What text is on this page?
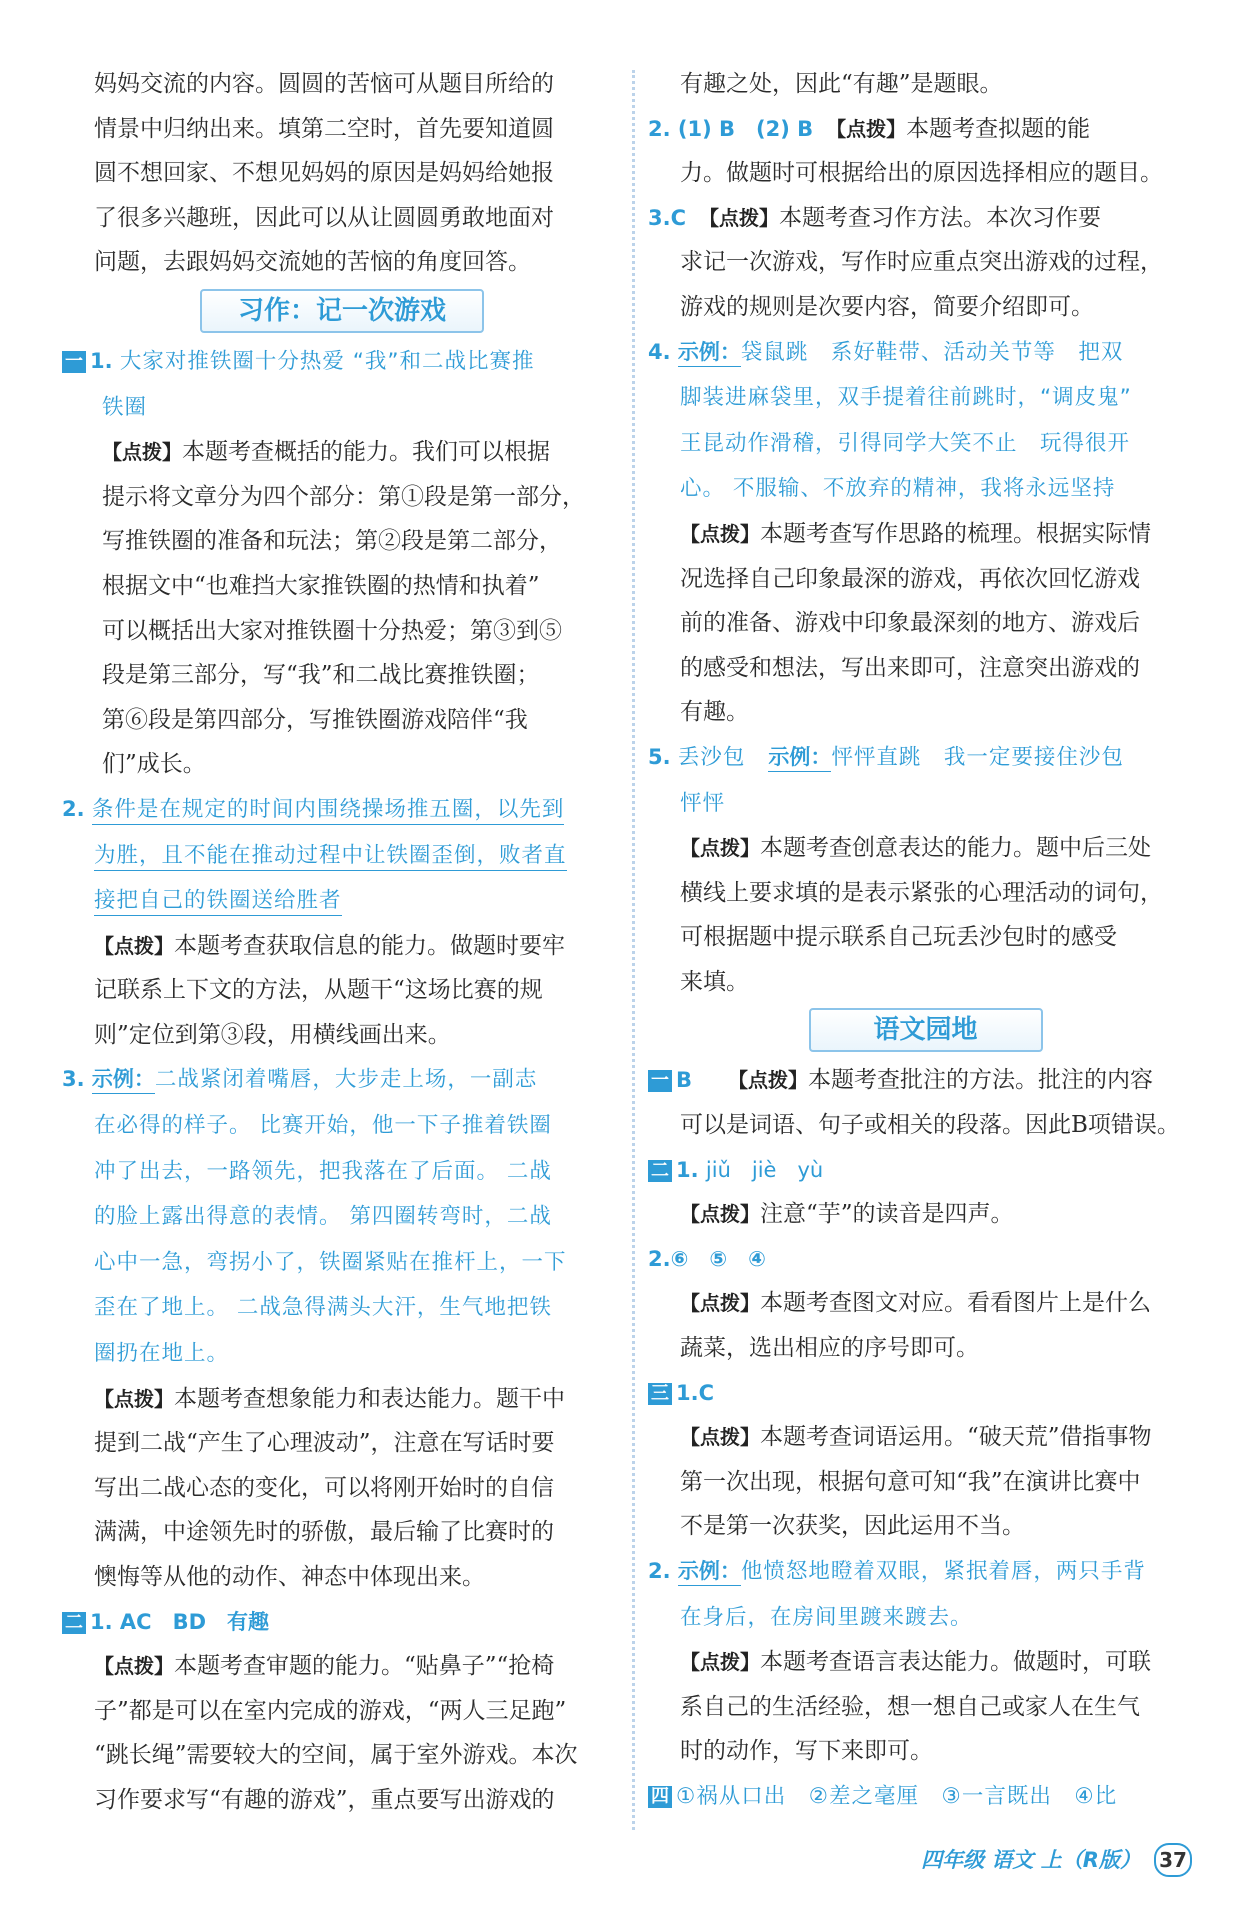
妈妈交流的内容。圆圆的苦恼可从题目所给的
情景中归纳出来。填第二空时，首先要知道圆
圆不想回家、不想见妈妈的原因是妈妈给她报
了很多兴趣班，因此可以从让圆圆勇敢地面对
问题，去跟妈妈交流她的苦恼的角度回答。
习作：记一次游戏
一 1. 大家对推铁圈十分热爱 “我”和二战比赛推
铁圈
【点拨】本题考查概括的能力。我们可以根据
提示将文章分为四个部分：第①段是第一部分，
写推铁圈的准备和玩法；第②段是第二部分，
根据文中“也难挡大家推铁圈的热情和执着”
可以概括出大家对推铁圈十分热爱；第③到⑤
段是第三部分，写“我”和二战比赛推铁圈；
第⑥段是第四部分，写推铁圈游戏陪伴“我
们”成长。
2. 条件是在规定的时间内围绕操场推五圈，以先到
为胜，且不能在推动过程中让铁圈歪倒，败者直
接把自己的铁圈送给胜者
【点拨】本题考查获取信息的能力。做题时要牢
记联系上下文的方法，从题干“这场比赛的规
则”定位到第③段，用横线画出来。
3. 示例：二战紧闭着嘴唇，大步走上场，一副志
在必得的样子。 比赛开始，他一下子推着铁圈
冲了出去，一路领先，把我落在了后面。 二战
的脸上露出得意的表情。 第四圈转弯时，二战
心中一急，弯拐小了，铁圈紧贴在推杆上，一下
歪在了地上。 二战急得满头大汗，生气地把铁
圈扔在地上。
【点拨】本题考查想象能力和表达能力。题干中
提到二战“产生了心理波动”，注意在写话时要
写出二战心态的变化，可以将刚开始时的自信
满满，中途领先时的骄傲，最后输了比赛时的
懊悔等从他的动作、神态中体现出来。
二 1. AC　BD　有趣
【点拨】本题考查审题的能力。“贴鼻子”“抢椅
子”都是可以在室内完成的游戏，“两人三足跑”
“跳长绳”需要较大的空间，属于室外游戏。本次
习作要求写“有趣的游戏”，重点要写出游戏的
有趣之处，因此“有趣”是题眼。
2. (1) B　(2) B　 【点拨】本题考查拟题的能
力。做题时可根据给出的原因选择相应的题目。
3.C　 【点拨】本题考查习作方法。本次习作要
求记一次游戏，写作时应重点突出游戏的过程，
游戏的规则是次要内容，简要介绍即可。
4. 示例：袋鼠跳　系好鞋带、活动关节等　把双
脚装进麻袋里，双手提着往前跳时，“调皮鬼”
王昆动作滑稽，引得同学大笑不止　玩得很开
心。 不服输、不放弃的精神，我将永远坚持
【点拨】本题考查写作思路的梳理。根据实际情
况选择自己印象最深的游戏，再依次回忆游戏
前的准备、游戏中印象最深刻的地方、游戏后
的感受和想法，写出来即可，注意突出游戏的
有趣。
5. 丢沙包　 示例：怦怦直跳　我一定要接住沙包
怦怦
【点拨】本题考查创意表达的能力。题中后三处
横线上要求填的是表示紧张的心理活动的词句，
可根据题中提示联系自己玩丢沙包时的感受
来填。
语文园地
一 B　　 【点拨】本题考查批注的方法。批注的内容
可以是词语、句子或相关的段落。因此B项错误。
二 1. jiǔ　jiè　yù
【点拨】注意“芋”的读音是四声。
2.⑥　⑤　④
【点拨】本题考查图文对应。看看图片上是什么
蔬菜，选出相应的序号即可。
三 1.C
【点拨】本题考查词语运用。“破天荒”借指事物
第一次出现，根据句意可知“我”在演讲比赛中
不是第一次获奖，因此运用不当。
2. 示例：他愤怒地瞪着双眼，紧抿着唇，两只手背
在身后，在房间里踱来踱去。
【点拨】本题考查语言表达能力。做题时，可联
系自己的生活经验，想一想自己或家人在生气
时的动作，写下来即可。
四 ①祸从口出　②差之毫厘　③一言既出　④比
四年级 语文 上（R版） 37
